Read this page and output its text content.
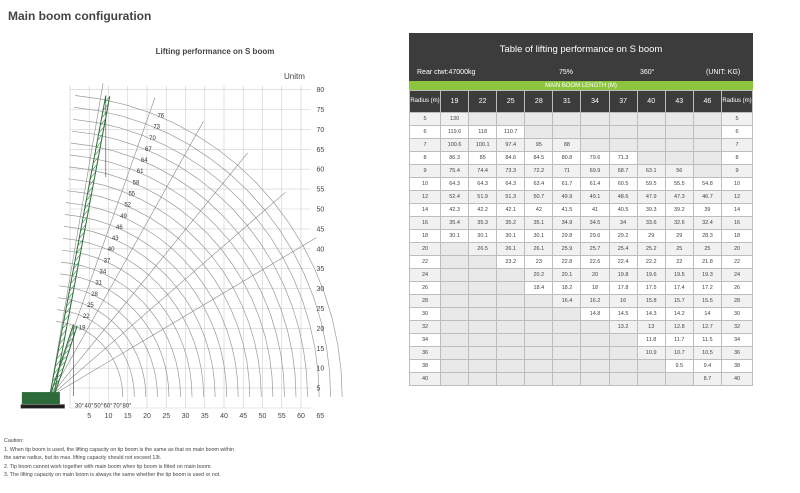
Main boom configuration
Lifting performance on S boom
Unitm
80
75
70
65
60
55
50
45
40
35
30
25
20
15
10
5
5 10 15 20 25 30 35 40 45 50 55 60 65
76
73
70
67
64
61
58
55
52
49
46
43
40
37
34
31
28
25
22
19
30° 40° 50° 60° 70° 80°
Caution:
1. When tip boom is used, the lifting capacity on tip boom is the same as that on main boom within
the same radius, but its max. lifting capacity should not exceed 13t.
2. Tip boom cannot work together with main boom when tip boom is fitted on main boom.
3. The lifting capacity on main boom is always the same whether the tip boom is used or not.
Table of lifting performance on S boom
Rear ctwt:47000kg	75%	360°	(UNIT: KG)
MAIN BOOM LENGTH (M)
Radius (m)	19	22	25	28	31	34	37	40	43	46	Radius (m)
5	130										5
6	119.6	118	110.7								6
7	100.6	100.1	97.4	95	88						7
8	86.3	85	84.6	84.5	80.8	79.6	71.3				8
9	75.4	74.4	73.3	72.2	71	69.9	68.7	63.1	56		9
10	64.3	64.3	64.3	63.4	61.7	61.4	60.5	59.5	55.5	54.8	10
12	52.4	51.9	51.3	50.7	49.9	49.1	48.6	47.9	47.3	46.7	12
14	42.3	42.2	42.1	42	41.5	41	40.5	39.3	39.2	39	14
16	35.4	35.3	35.2	35.1	34.9	34.5	34	33.6	32.6	32.4	16
18	30.1	30.1	30.1	30.1	29.8	29.6	29.2	29	29	28.3	18
20		26.5	26.1	26.1	25.9	25.7	25.4	25.2	25	25	20
22			23.2	23	22.8	22.6	22.4	22.2	22	21.8	22
24				20.2	20.1	20	19.8	19.6	19.5	19.3	24
26				18.4	18.2	18	17.8	17.5	17.4	17.2	26
28					16.4	16.2	16	15.8	15.7	15.5	28
30						14.8	14.5	14.3	14.2	14	30
32							13.2	13	12.8	12.7	32
34								11.8	11.7	11.5	34
36								10.9	10.7	10.5	36
38									9.5	9.4	38
40										8.7	40
